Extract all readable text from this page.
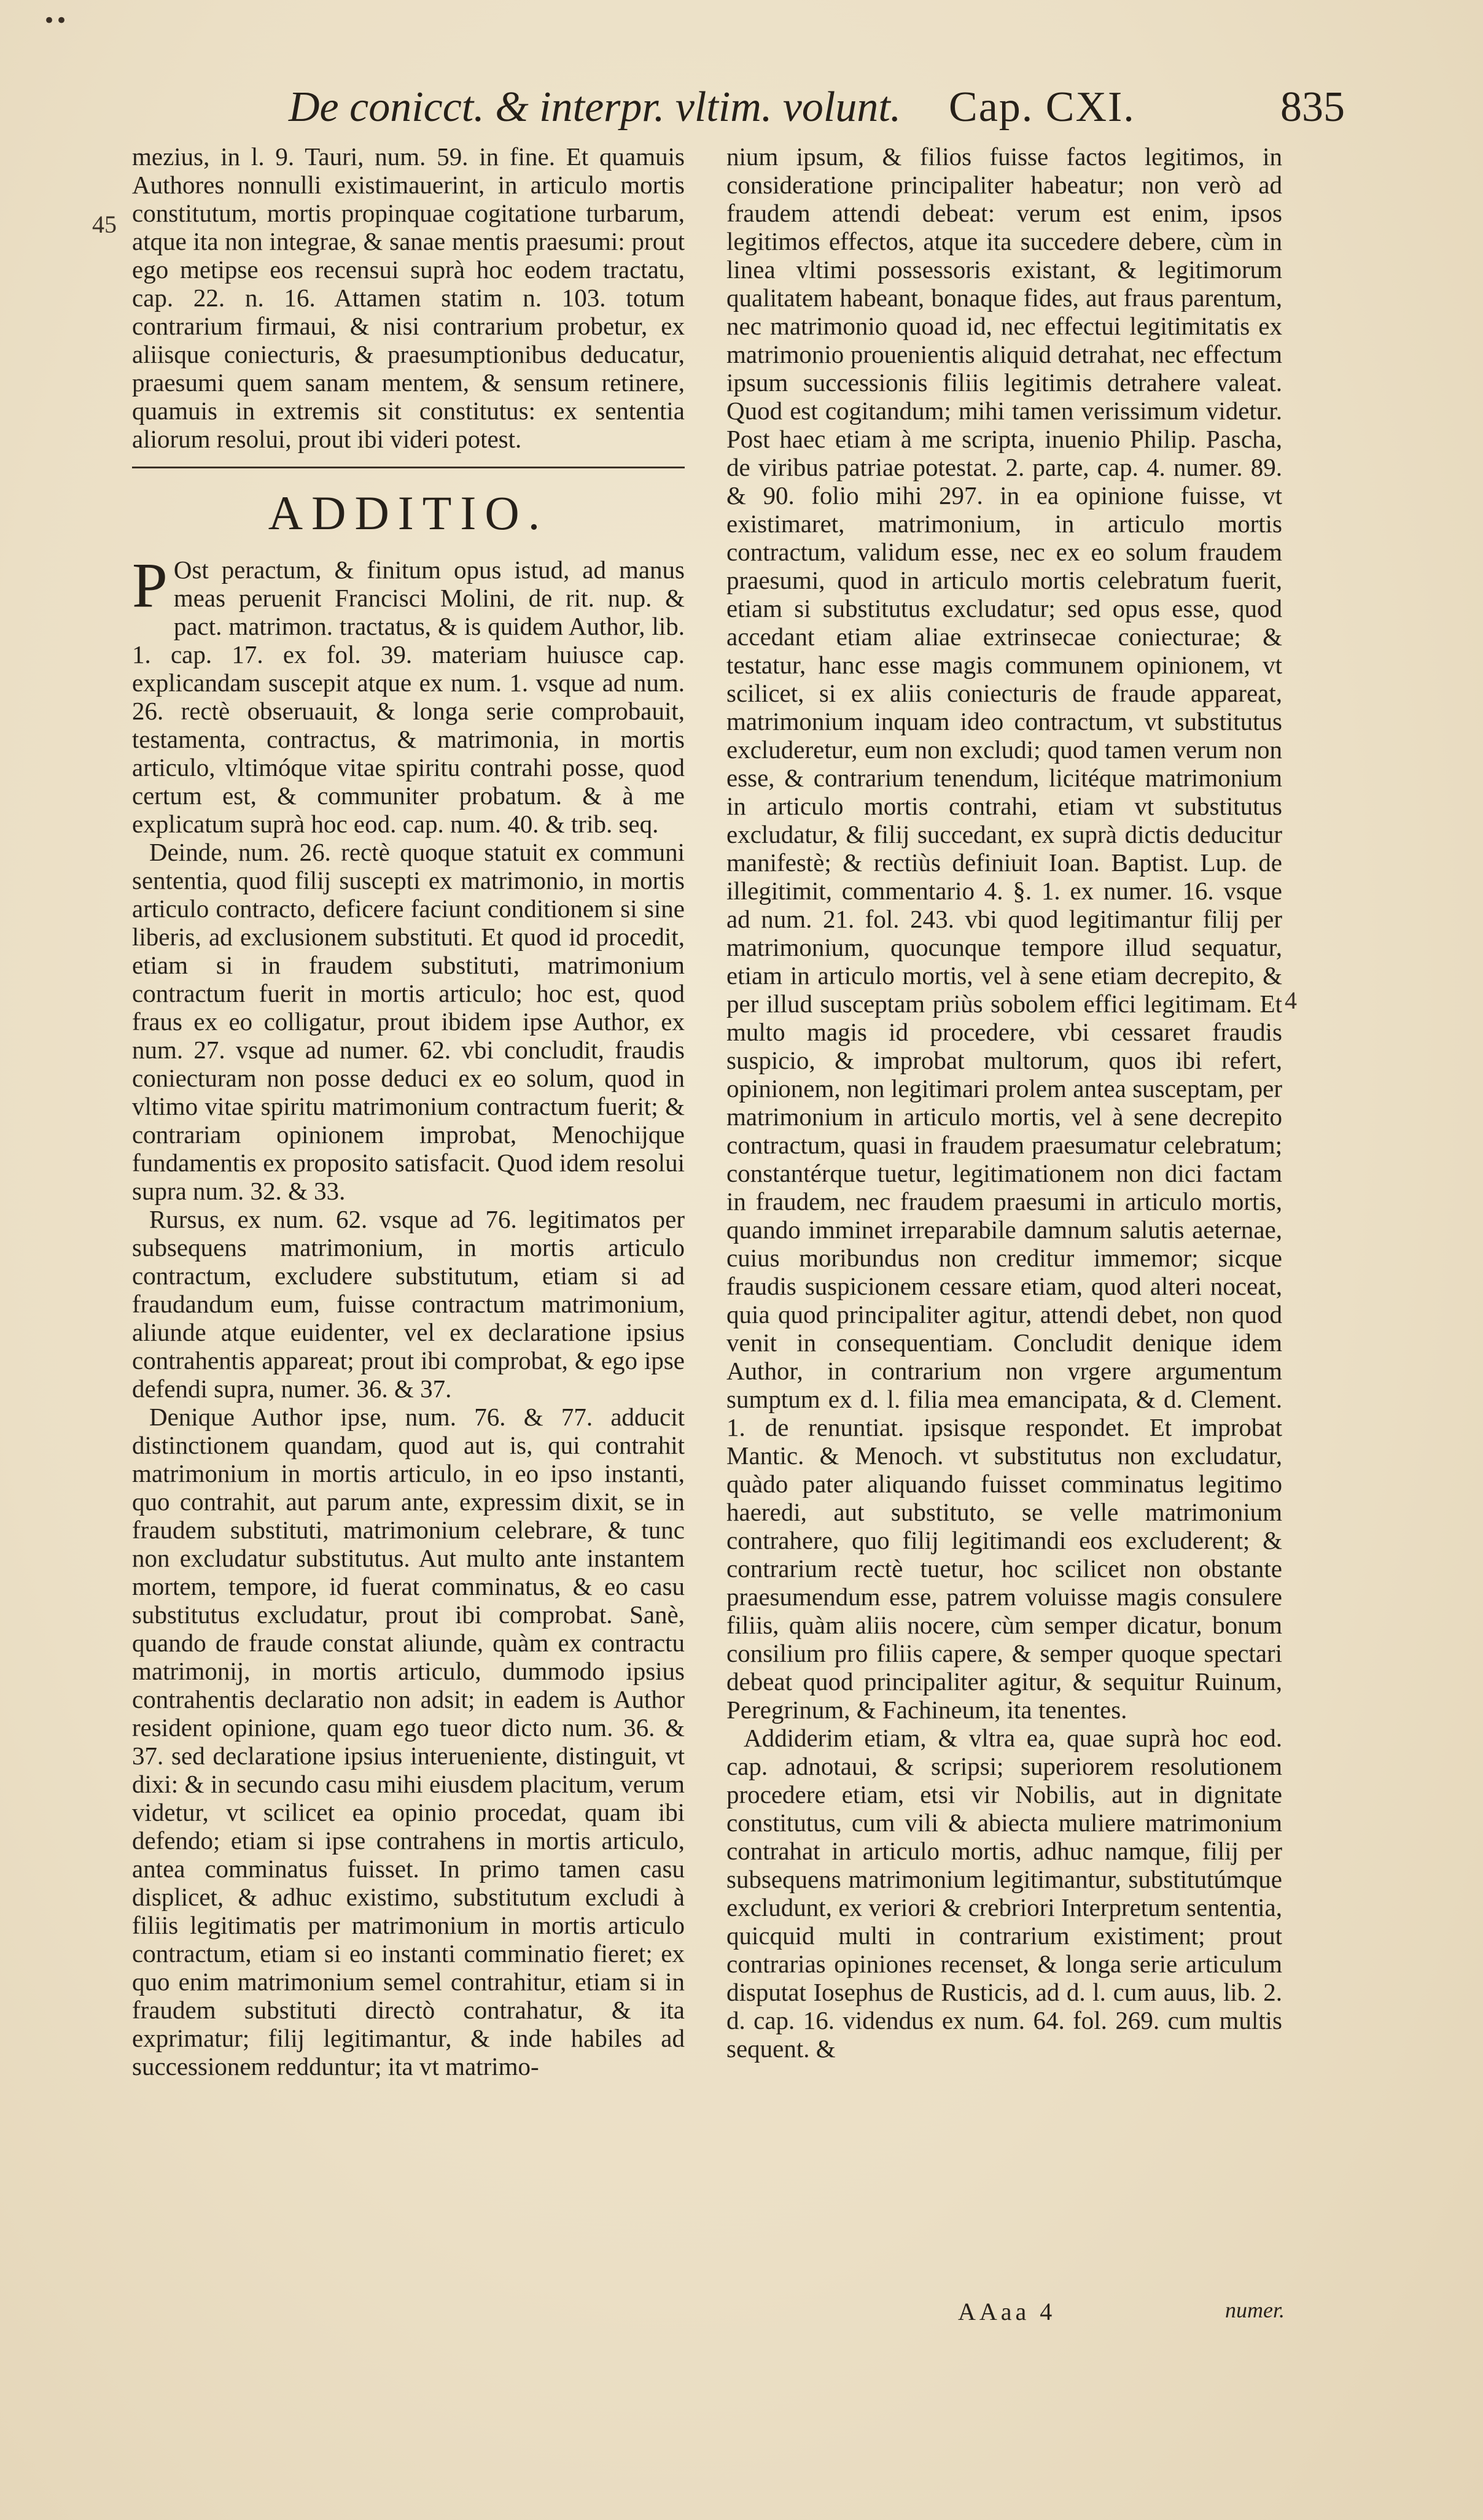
••
De conicct. & interpr. vltim. volunt. Cap. CXI.	835
45
4

mezius, in l. 9. Tauri, num. 59. in fine. Et quamuis Authores nonnulli existimauerint, in articulo mortis constitutum, mortis propinquae cogitatione turbarum, atque ita non integrae, & sanae mentis praesumi: prout ego metipse eos recensui suprà hoc eodem tractatu, cap. 22. n. 16. Attamen statim n. 103. totum contrarium firmaui, & nisi contrarium probetur, ex aliisque coniecturis, & praesumptionibus deducatur, praesumi quem sanam mentem, & sensum retinere, quamuis in extremis sit constitutus: ex sententia aliorum resolui, prout ibi videri potest.

ADDITIO.

P Ost peractum, & finitum opus istud, ad manus meas peruenit Francisci Molini, de rit. nup. & pact. matrimon. tractatus, & is quidem Author, lib. 1. cap. 17. ex fol. 39. materiam huiusce cap. explicandam suscepit atque ex num. 1. vsque ad num. 26. rectè obseruauit, & longa serie comprobauit, testamenta, contractus, & matrimonia, in mortis articulo, vltimóque vitae spiritu contrahi posse, quod certum est, & communiter probatum. & à me explicatum suprà hoc eod. cap. num. 40. & trib. seq.

Deinde, num. 26. rectè quoque statuit ex communi sententia, quod filij suscepti ex matrimonio, in mortis articulo contracto, deficere faciunt conditionem si sine liberis, ad exclusionem substituti. Et quod id procedit, etiam si in fraudem substituti, matrimonium contractum fuerit in mortis articulo; hoc est, quod fraus ex eo colligatur, prout ibidem ipse Author, ex num. 27. vsque ad numer. 62. vbi concludit, fraudis coniecturam non posse deduci ex eo solum, quod in vltimo vitae spiritu matrimonium contractum fuerit; & contrariam opinionem improbat, Menochijque fundamentis ex proposito satisfacit. Quod idem resolui supra num. 32. & 33.

Rursus, ex num. 62. vsque ad 76. legitimatos per subsequens matrimonium, in mortis articulo contractum, excludere substitutum, etiam si ad fraudandum eum, fuisse contractum matrimonium, aliunde atque euidenter, vel ex declaratione ipsius contrahentis appareat; prout ibi comprobat, & ego ipse defendi supra, numer. 36. & 37.

Denique Author ipse, num. 76. & 77. adducit distinctionem quandam, quod aut is, qui contrahit matrimonium in mortis articulo, in eo ipso instanti, quo contrahit, aut parum ante, expressim dixit, se in fraudem substituti, matrimonium celebrare, & tunc non excludatur substitutus. Aut multo ante instantem mortem, tempore, id fuerat comminatus, & eo casu substitutus excludatur, prout ibi comprobat. Sanè, quando de fraude constat aliunde, quàm ex contractu matrimonij, in mortis articulo, dummodo ipsius contrahentis declaratio non adsit; in eadem is Author resident opinione, quam ego tueor dicto num. 36. & 37. sed declaratione ipsius interueniente, distinguit, vt dixi: & in secundo casu mihi eiusdem placitum, verum videtur, vt scilicet ea opinio procedat, quam ibi defendo; etiam si ipse contrahens in mortis articulo, antea comminatus fuisset. In primo tamen casu displicet, & adhuc existimo, substitutum excludi à filiis legitimatis per matrimonium in mortis articulo contractum, etiam si eo instanti comminatio fieret; ex quo enim matrimonium semel contrahitur, etiam si in fraudem substituti directò contrahatur, & ita exprimatur; filij legitimantur, & inde habiles ad successionem redduntur; ita vt matrimo-

nium ipsum, & filios fuisse factos legitimos, in consideratione principaliter habeatur; non verò ad fraudem attendi debeat: verum est enim, ipsos legitimos effectos, atque ita succedere debere, cùm in linea vltimi possessoris existant, & legitimorum qualitatem habeant, bonaque fides, aut fraus parentum, nec matrimonio quoad id, nec effectui legitimitatis ex matrimonio prouenientis aliquid detrahat, nec effectum ipsum successionis filiis legitimis detrahere valeat. Quod est cogitandum; mihi tamen verissimum videtur. Post haec etiam à me scripta, inuenio Philip. Pascha, de viribus patriae potestat. 2. parte, cap. 4. numer. 89. & 90. folio mihi 297. in ea opinione fuisse, vt existimaret, matrimonium, in articulo mortis contractum, validum esse, nec ex eo solum fraudem praesumi, quod in articulo mortis celebratum fuerit, etiam si substitutus excludatur; sed opus esse, quod accedant etiam aliae extrinsecae coniecturae; & testatur, hanc esse magis communem opinionem, vt scilicet, si ex aliis coniecturis de fraude appareat, matrimonium inquam ideo contractum, vt substitutus excluderetur, eum non excludi; quod tamen verum non esse, & contrarium tenendum, licitéque matrimonium in articulo mortis contrahi, etiam vt substitutus excludatur, & filij succedant, ex suprà dictis deducitur manifestè; & rectiùs definiuit Ioan. Baptist. Lup. de illegitimit, commentario 4. §. 1. ex numer. 16. vsque ad num. 21. fol. 243. vbi quod legitimantur filij per matrimonium, quocunque tempore illud sequatur, etiam in articulo mortis, vel à sene etiam decrepito, & per illud susceptam priùs sobolem effici legitimam. Et multo magis id procedere, vbi cessaret fraudis suspicio, & improbat multorum, quos ibi refert, opinionem, non legitimari prolem antea susceptam, per matrimonium in articulo mortis, vel à sene decrepito contractum, quasi in fraudem praesumatur celebratum; constantérque tuetur, legitimationem non dici factam in fraudem, nec fraudem praesumi in articulo mortis, quando imminet irreparabile damnum salutis aeternae, cuius moribundus non creditur immemor; sicque fraudis suspicionem cessare etiam, quod alteri noceat, quia quod principaliter agitur, attendi debet, non quod venit in consequentiam. Concludit denique idem Author, in contrarium non vrgere argumentum sumptum ex d. l. filia mea emancipata, & d. Clement. 1. de renuntiat. ipsisque respondet. Et improbat Mantic. & Menoch. vt substitutus non excludatur, quàdo pater aliquando fuisset comminatus legitimo haeredi, aut substituto, se velle matrimonium contrahere, quo filij legitimandi eos excluderent; & contrarium rectè tuetur, hoc scilicet non obstante praesumendum esse, patrem voluisse magis consulere filiis, quàm aliis nocere, cùm semper dicatur, bonum consilium pro filiis capere, & semper quoque spectari debeat quod principaliter agitur, & sequitur Ruinum, Peregrinum, & Fachineum, ita tenentes.

Addiderim etiam, & vltra ea, quae suprà hoc eod. cap. adnotaui, & scripsi; superiorem resolutionem procedere etiam, etsi vir Nobilis, aut in dignitate constitutus, cum vili & abiecta muliere matrimonium contrahat in articulo mortis, adhuc namque, filij per subsequens matrimonium legitimantur, substitutúmque excludunt, ex veriori & crebriori Interpretum sententia, quicquid multi in contrarium existiment; prout contrarias opiniones recenset, & longa serie articulum disputat Iosephus de Rusticis, ad d. l. cum auus, lib. 2. d. cap. 16. videndus ex num. 64. fol. 269. cum multis sequent. &

AAaa 4	numer.
